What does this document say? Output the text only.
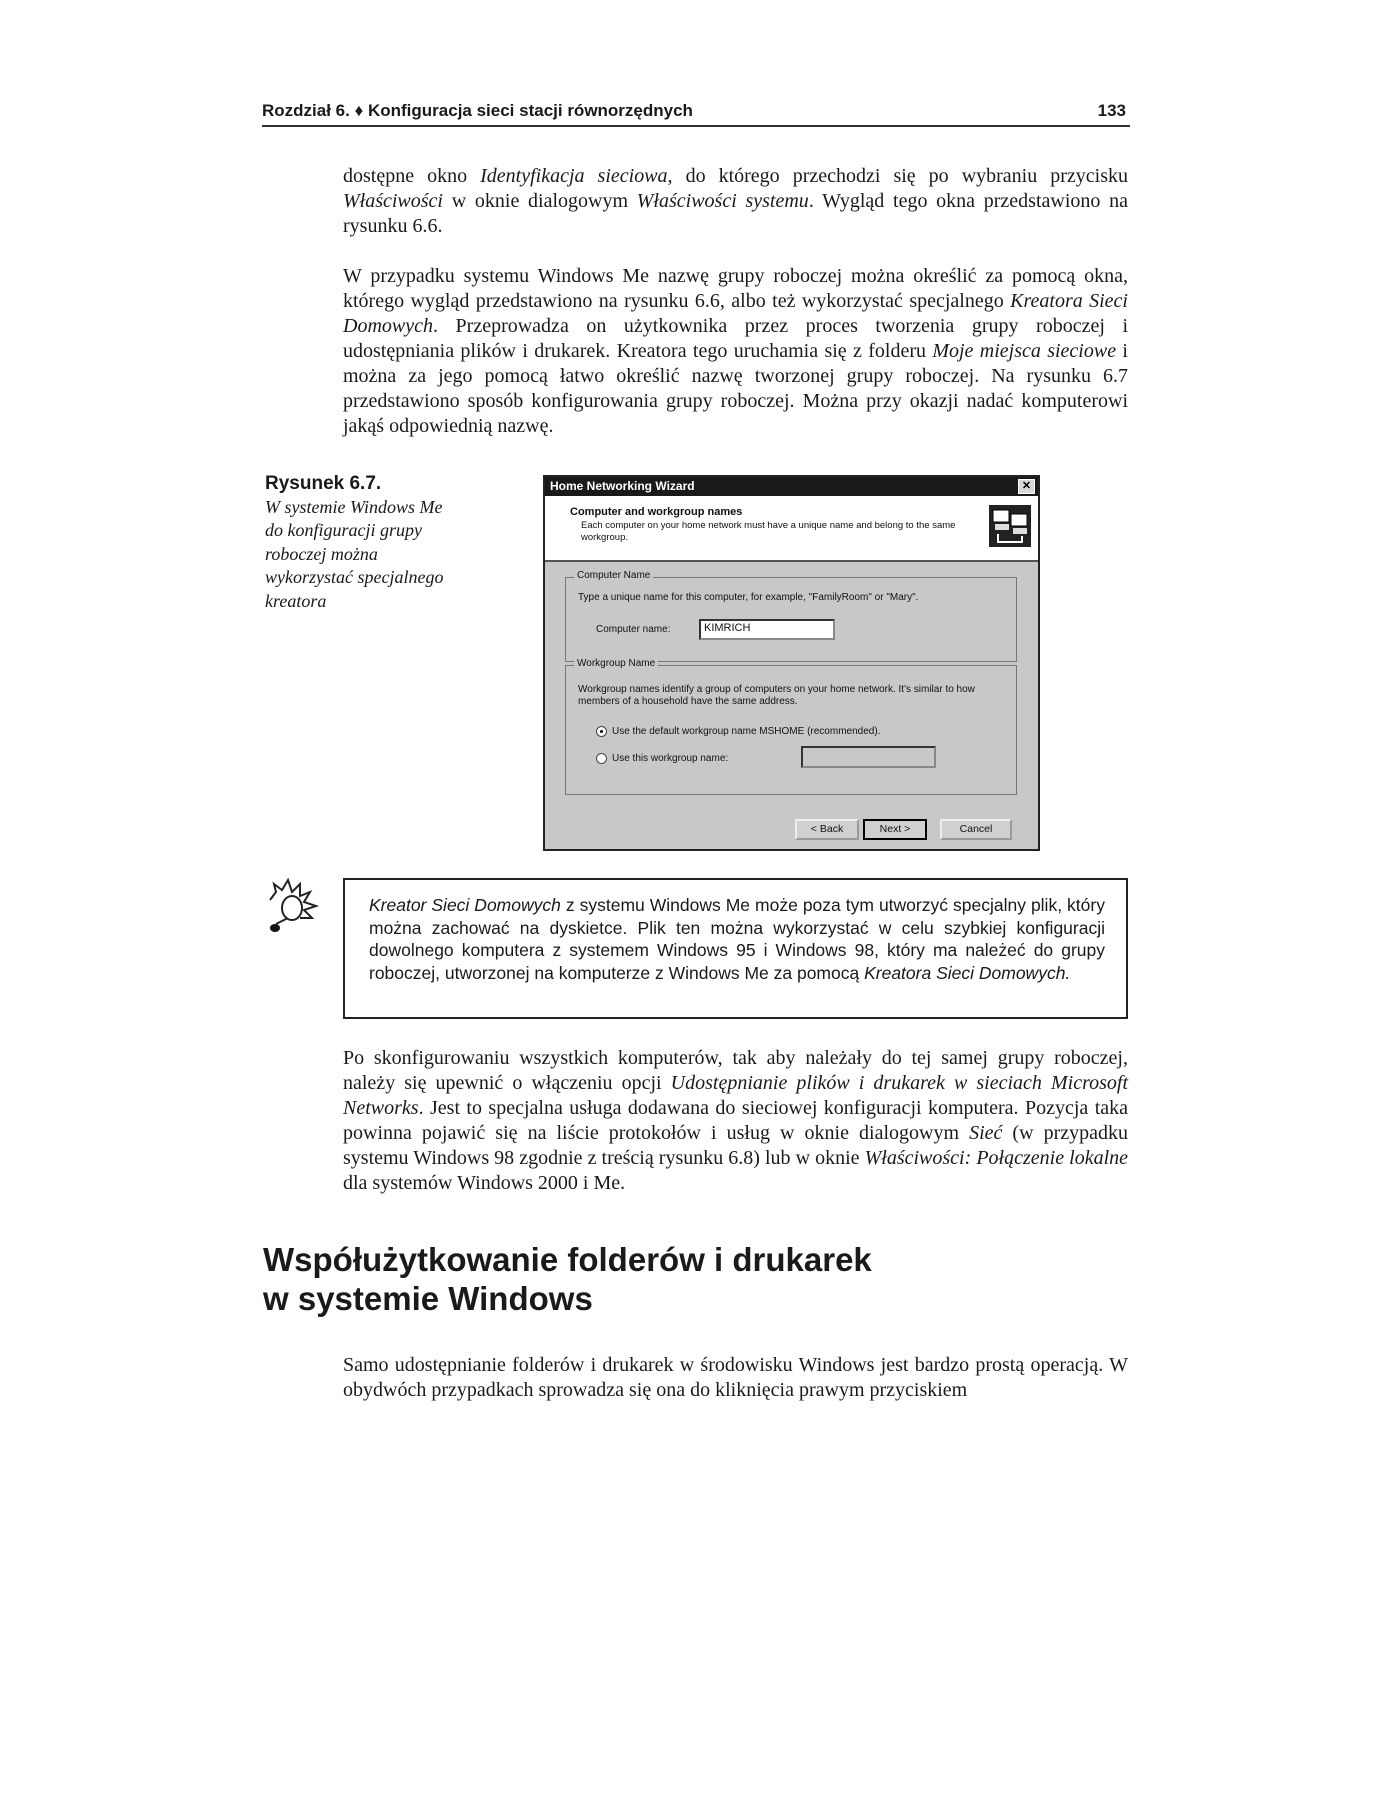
Rozdział 6. ♦ Konfiguracja sieci stacji równorzędnych	133

dostępne okno Identyfikacja sieciowa, do którego przechodzi się po wybraniu przycisku Właściwości w oknie dialogowym Właściwości systemu. Wygląd tego okna przedstawiono na rysunku 6.6.

W przypadku systemu Windows Me nazwę grupy roboczej można określić za pomocą okna, którego wygląd przedstawiono na rysunku 6.6, albo też wykorzystać specjalnego Kreatora Sieci Domowych. Przeprowadza on użytkownika przez proces tworzenia grupy roboczej i udostępniania plików i drukarek. Kreatora tego uruchamia się z folderu Moje miejsca sieciowe i można za jego pomocą łatwo określić nazwę tworzonej grupy roboczej. Na rysunku 6.7 przedstawiono sposób konfigurowania grupy roboczej. Można przy okazji nadać komputerowi jakąś odpowiednią nazwę.

Rysunek 6.7.
W systemie Windows Me do konfiguracji grupy roboczej można wykorzystać specjalnego kreatora
Home Networking Wizard	✕
Computer and workgroup names
Each computer on your home network must have a unique name and belong to the same workgroup.
Computer Name
Type a unique name for this computer, for example, "FamilyRoom" or "Mary".
Computer name:	KIMRICH
Workgroup Name
Workgroup names identify a group of computers on your home network. It's similar to how members of a household have the same address.
Use the default workgroup name MSHOME (recommended).
Use this workgroup name:
< Back	Next >	Cancel

Kreator Sieci Domowych z systemu Windows Me może poza tym utworzyć specjalny plik, który można zachować na dyskietce. Plik ten można wykorzystać w celu szybkiej konfiguracji dowolnego komputera z systemem Windows 95 i Windows 98, który ma należeć do grupy roboczej, utworzonej na komputerze z Windows Me za pomocą Kreatora Sieci Domowych.

Po skonfigurowaniu wszystkich komputerów, tak aby należały do tej samej grupy roboczej, należy się upewnić o włączeniu opcji Udostępnianie plików i drukarek w sieciach Microsoft Networks. Jest to specjalna usługa dodawana do sieciowej konfiguracji komputera. Pozycja taka powinna pojawić się na liście protokołów i usług w oknie dialogowym Sieć (w przypadku systemu Windows 98 zgodnie z treścią rysunku 6.8) lub w oknie Właściwości: Połączenie lokalne dla systemów Windows 2000 i Me.

Współużytkowanie folderów i drukarek
w systemie Windows

Samo udostępnianie folderów i drukarek w środowisku Windows jest bardzo prostą operacją. W obydwóch przypadkach sprowadza się ona do kliknięcia prawym przyciskiem
